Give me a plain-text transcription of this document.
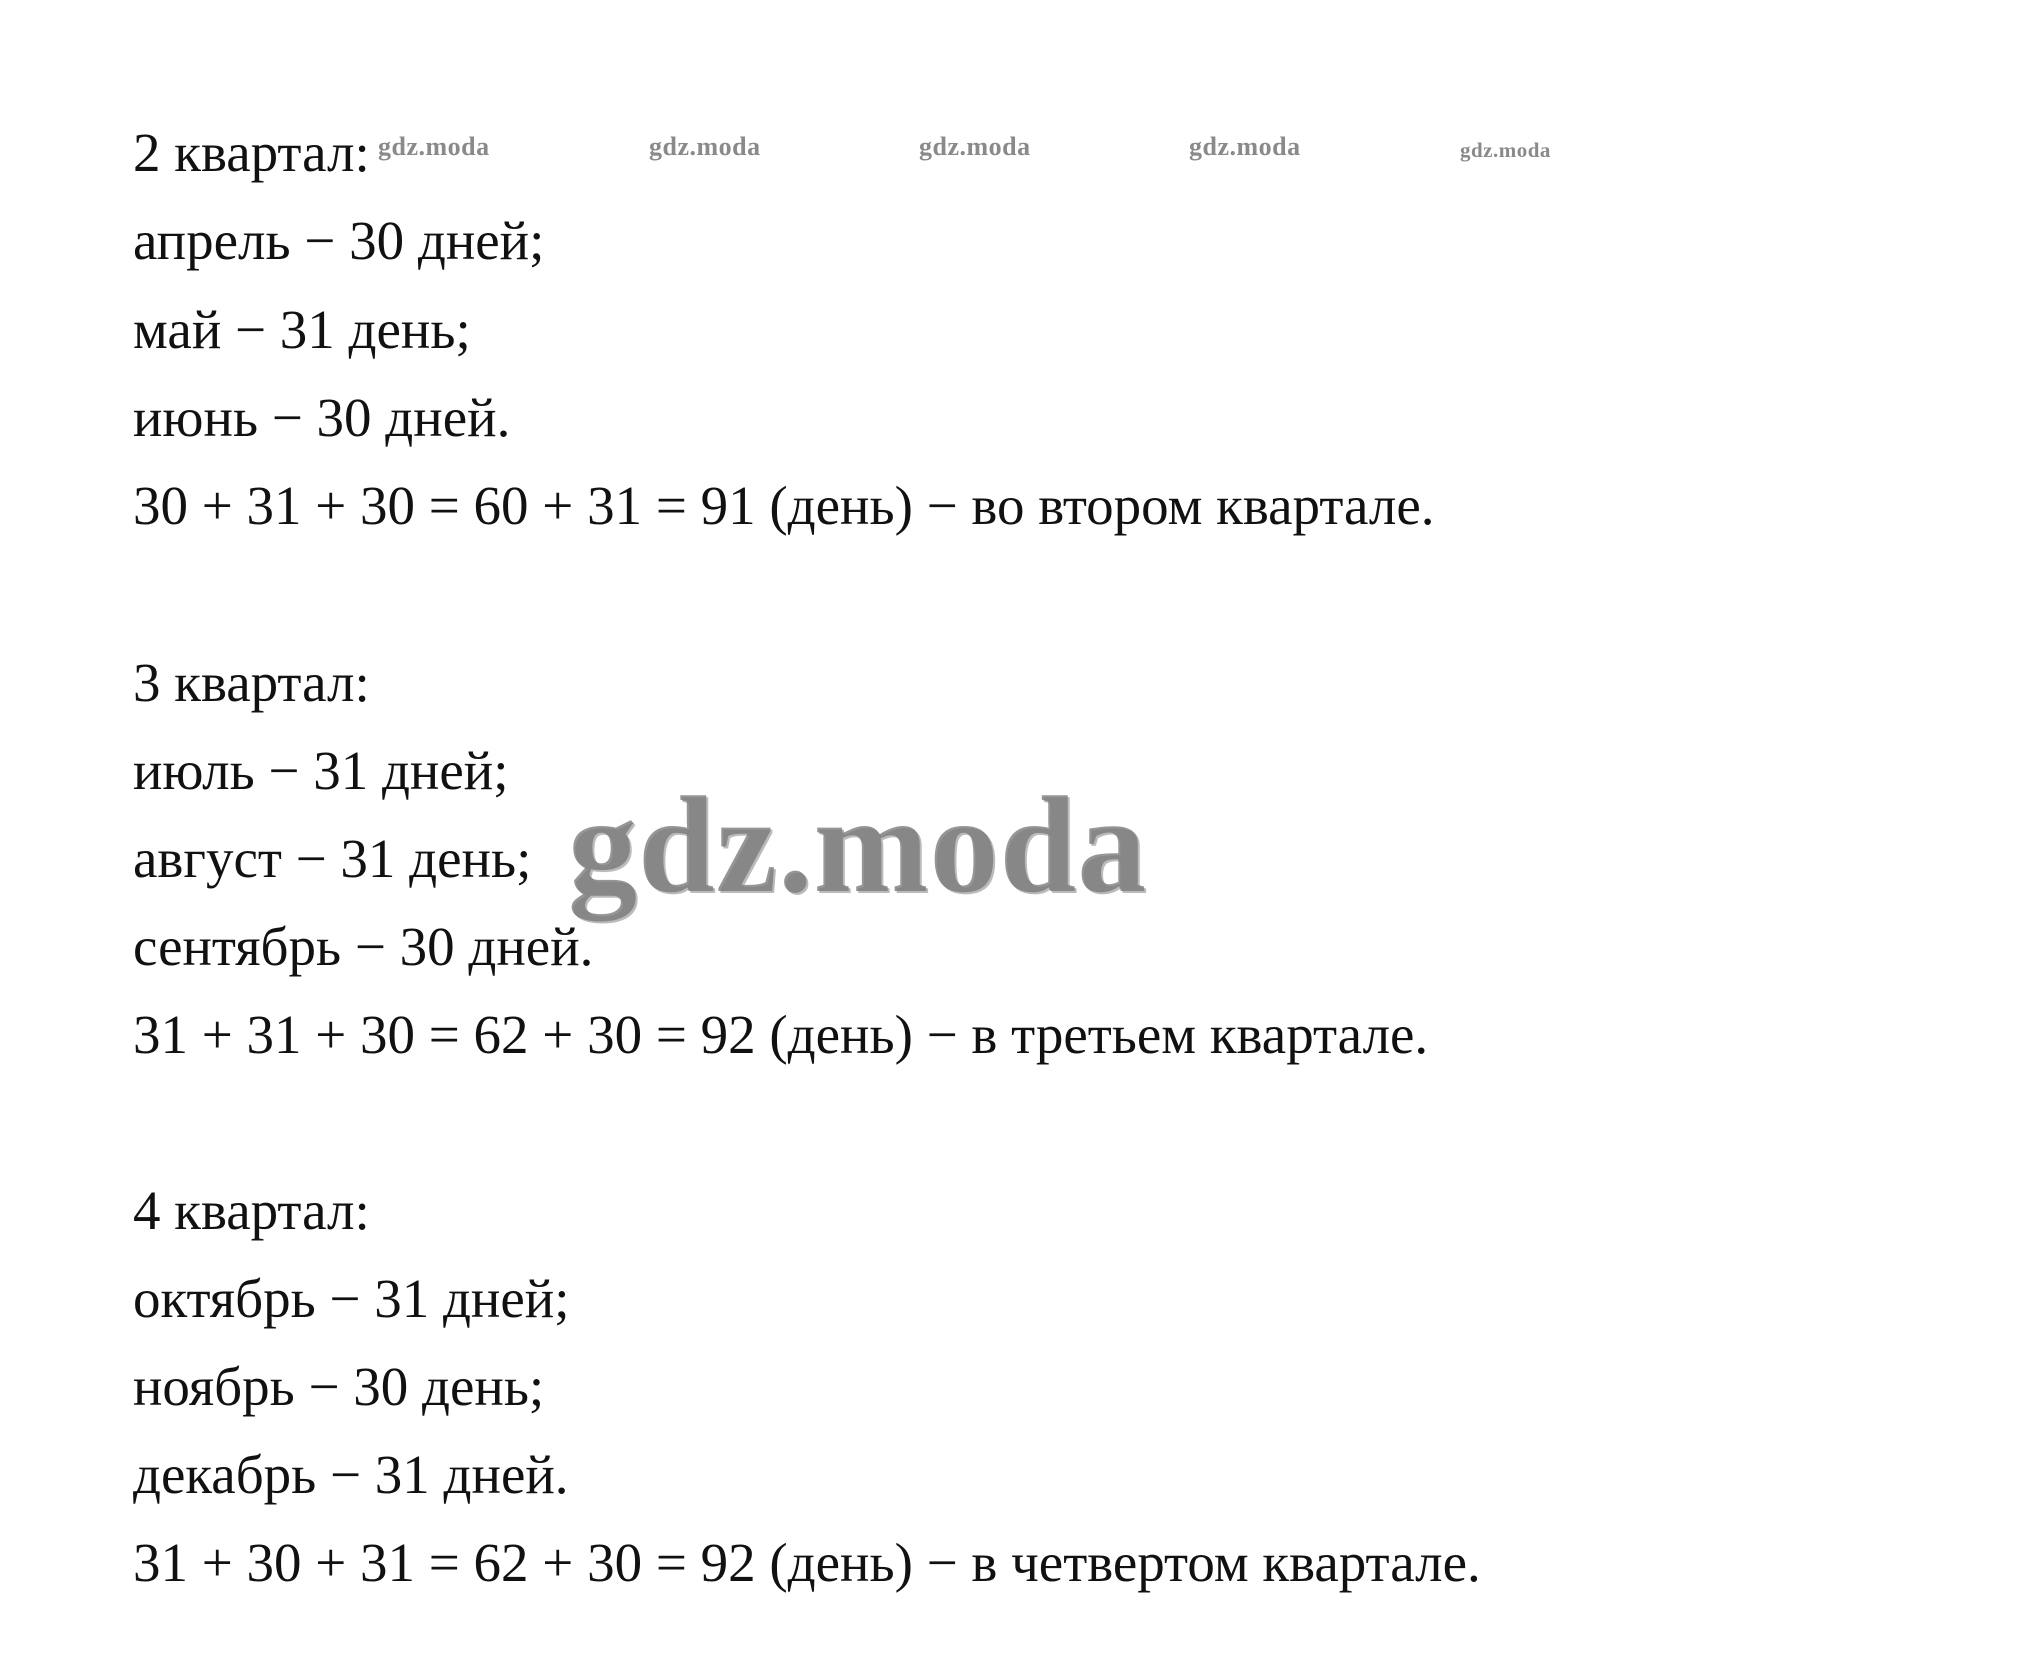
2 квартал:
апрель − 30 дней;
май − 31 день;
июнь − 30 дней.
30 + 31 + 30 = 60 + 31 = 91 (день) − во втором квартале.
3 квартал:
июль − 31 дней;
август − 31 день;
сентябрь − 30 дней.
31 + 31 + 30 = 62 + 30 = 92 (день) − в третьем квартале.
4 квартал:
октябрь − 31 дней;
ноябрь − 30 день;
декабрь − 31 дней.
31 + 30 + 31 = 62 + 30 = 92 (день) − в четвертом квартале.
gdz.moda	gdz.moda	gdz.moda	gdz.moda	gdz.moda
gdz.moda
